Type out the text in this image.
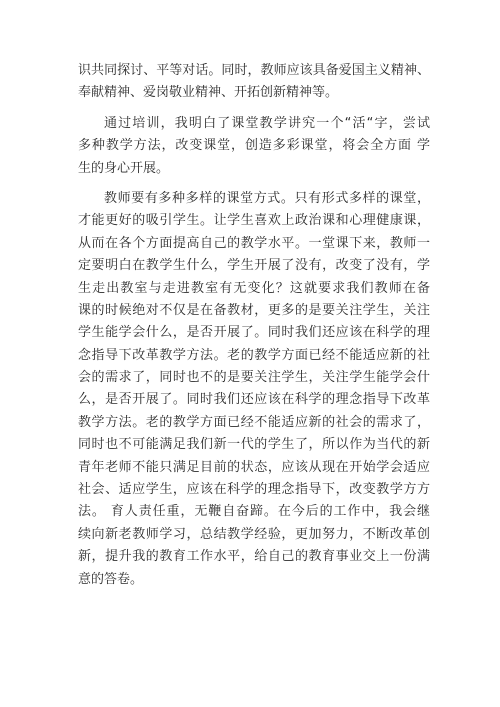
识共同探讨、平等对话。同时，教师应该具备爱国主义精神、
奉献精神、爱岗敬业精神、开拓创新精神等。
通过培训，我明白了课堂教学讲究一个“活“字，尝试
多种教学方法，改变课堂，创造多彩课堂，将会全方面 学
生的身心开展。
教师要有多种多样的课堂方式。只有形式多样的课堂，
才能更好的吸引学生。让学生喜欢上政治课和心理健康课，
从而在各个方面提高自己的教学水平。一堂课下来，教师一
定要明白在教学生什么，学生开展了没有，改变了没有，学
生走出教室与走进教室有无变化？这就要求我们教师在备
课的时候绝对不仅是在备教材，更多的是要关注学生，关注
学生能学会什么，是否开展了。同时我们还应该在科学的理
念指导下改革教学方法。老的教学方面已经不能适应新的社
会的需求了，同时也不的是要关注学生，关注学生能学会什
么，是否开展了。同时我们还应该在科学的理念指导下改革
教学方法。老的教学方面已经不能适应新的社会的需求了，
同时也不可能满足我们新一代的学生了，所以作为当代的新
青年老师不能只满足目前的状态，应该从现在开始学会适应
社会、适应学生，应该在科学的理念指导下，改变教学方方
法。 育人责任重，无鞭自奋蹄。在今后的工作中，我会继
续向新老教师学习，总结教学经验，更加努力，不断改革创
新，提升我的教育工作水平，给自己的教育事业交上一份满
意的答卷。
